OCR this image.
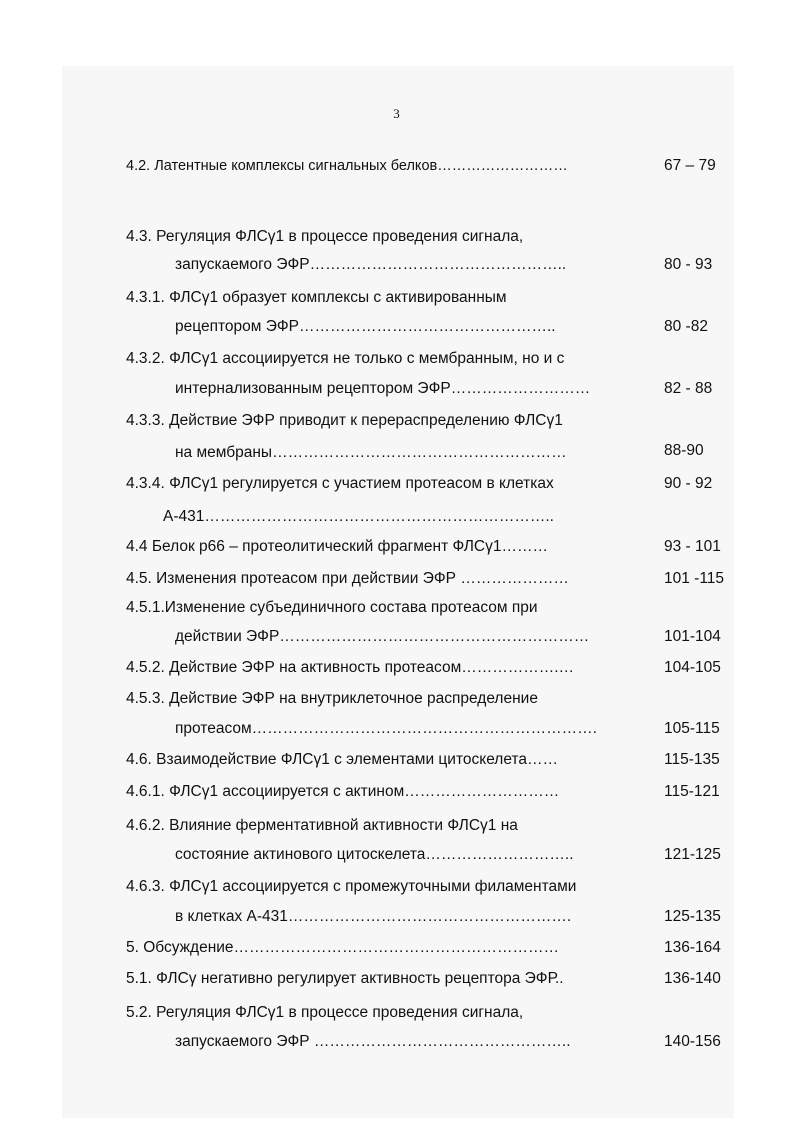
3
4.2. Латентные комплексы сигнальных белков………………………	67 – 79
4.3. Регуляция ФЛСγ1 в процессе проведения сигнала,
запускаемого ЭФР…………………………………………..	80 - 93
4.3.1. ФЛСγ1 образует комплексы с активированным
рецептором ЭФР…………………………………………..	80 -82
4.3.2. ФЛСγ1 ассоциируется не только с мембранным, но и с
интернализованным рецептором ЭФР………………………	82 - 88
4.3.3. Действие ЭФР приводит к перераспределению ФЛСγ1
на мембраны…………………………………………………	88-90
4.3.4. ФЛСγ1 регулируется с участием протеасом в клетках	90 - 92
А-431…………………………………………………………..
4.4 Белок р66 – протеолитический фрагмент ФЛСγ1………	93 - 101
4.5. Изменения протеасом при действии ЭФР …………………	101 -115
4.5.1.Изменение субъединичного состава протеасом при
действии ЭФР……………………………………………………	101-104
4.5.2. Действие ЭФР на активность протеасом……………….…	104-105
4.5.3. Действие ЭФР на внутриклеточное распределение
протеасом………………………………………………………….	105-115
4.6. Взаимодействие ФЛСγ1 с элементами цитоскелета……	115-135
4.6.1. ФЛСγ1 ассоциируется с актином…………………………	115-121
4.6.2. Влияние ферментативной активности ФЛСγ1 на
состояние актинового цитоскелета………………………..	121-125
4.6.3. ФЛСγ1 ассоциируется с промежуточными филаментами
в клетках А-431……………………………………………….	125-135
5. Обсуждение………………………………………………………	136-164
5.1. ФЛСγ негативно регулирует активность рецептора ЭФР..	136-140
5.2. Регуляция ФЛСγ1 в процессе проведения сигнала,
запускаемого ЭФР …………………………………………..	140-156
